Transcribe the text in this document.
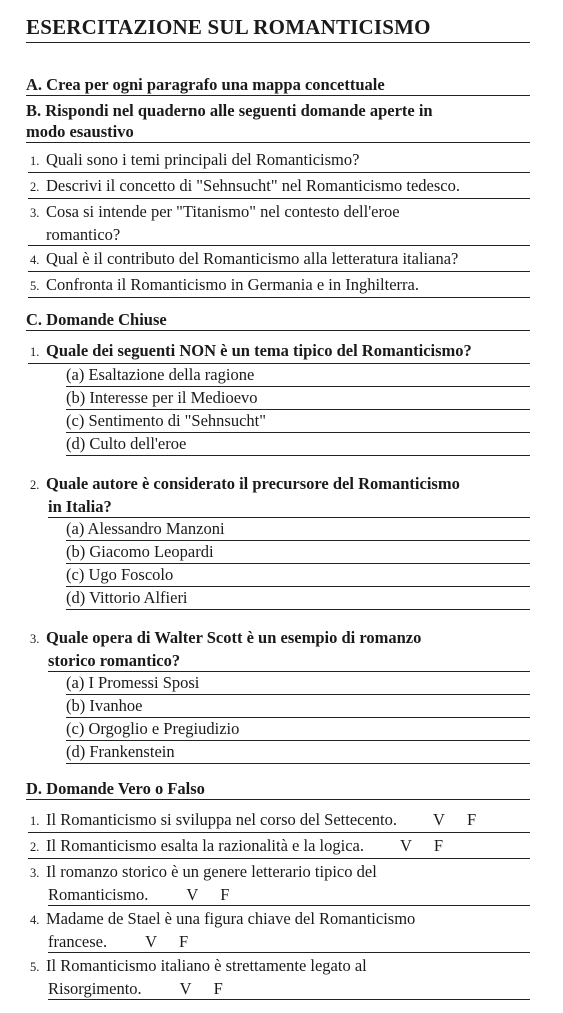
ESERCITAZIONE SUL ROMANTICISMO
A. Crea per ogni paragrafo una mappa concettuale
B. Rispondi nel quaderno alle seguenti domande aperte in
modo esaustivo
1. Quali sono i temi principali del Romanticismo?
2. Descrivi il concetto di "Sehnsucht" nel Romanticismo tedesco.
3. Cosa si intende per "Titanismo" nel contesto dell'eroe
romantico?
4. Qual è il contributo del Romanticismo alla letteratura italiana?
5. Confronta il Romanticismo in Germania e in Inghilterra.
C. Domande Chiuse
1. Quale dei seguenti NON è un tema tipico del Romanticismo?
(a) Esaltazione della ragione
(b) Interesse per il Medioevo
(c) Sentimento di "Sehnsucht"
(d) Culto dell'eroe
2. Quale autore è considerato il precursore del Romanticismo
in Italia?
(a) Alessandro Manzoni
(b) Giacomo Leopardi
(c) Ugo Foscolo
(d) Vittorio Alfieri
3. Quale opera di Walter Scott è un esempio di romanzo
storico romantico?
(a) I Promessi Sposi
(b) Ivanhoe
(c) Orgoglio e Pregiudizio
(d) Frankenstein
D. Domande Vero o Falso
1. Il Romanticismo si sviluppa nel corso del Settecento. V F
2. Il Romanticismo esalta la razionalità e la logica. V F
3. Il romanzo storico è un genere letterario tipico del
Romanticismo. V F
4. Madame de Stael è una figura chiave del Romanticismo
francese. V F
5. Il Romanticismo italiano è strettamente legato al
Risorgimento. V F
